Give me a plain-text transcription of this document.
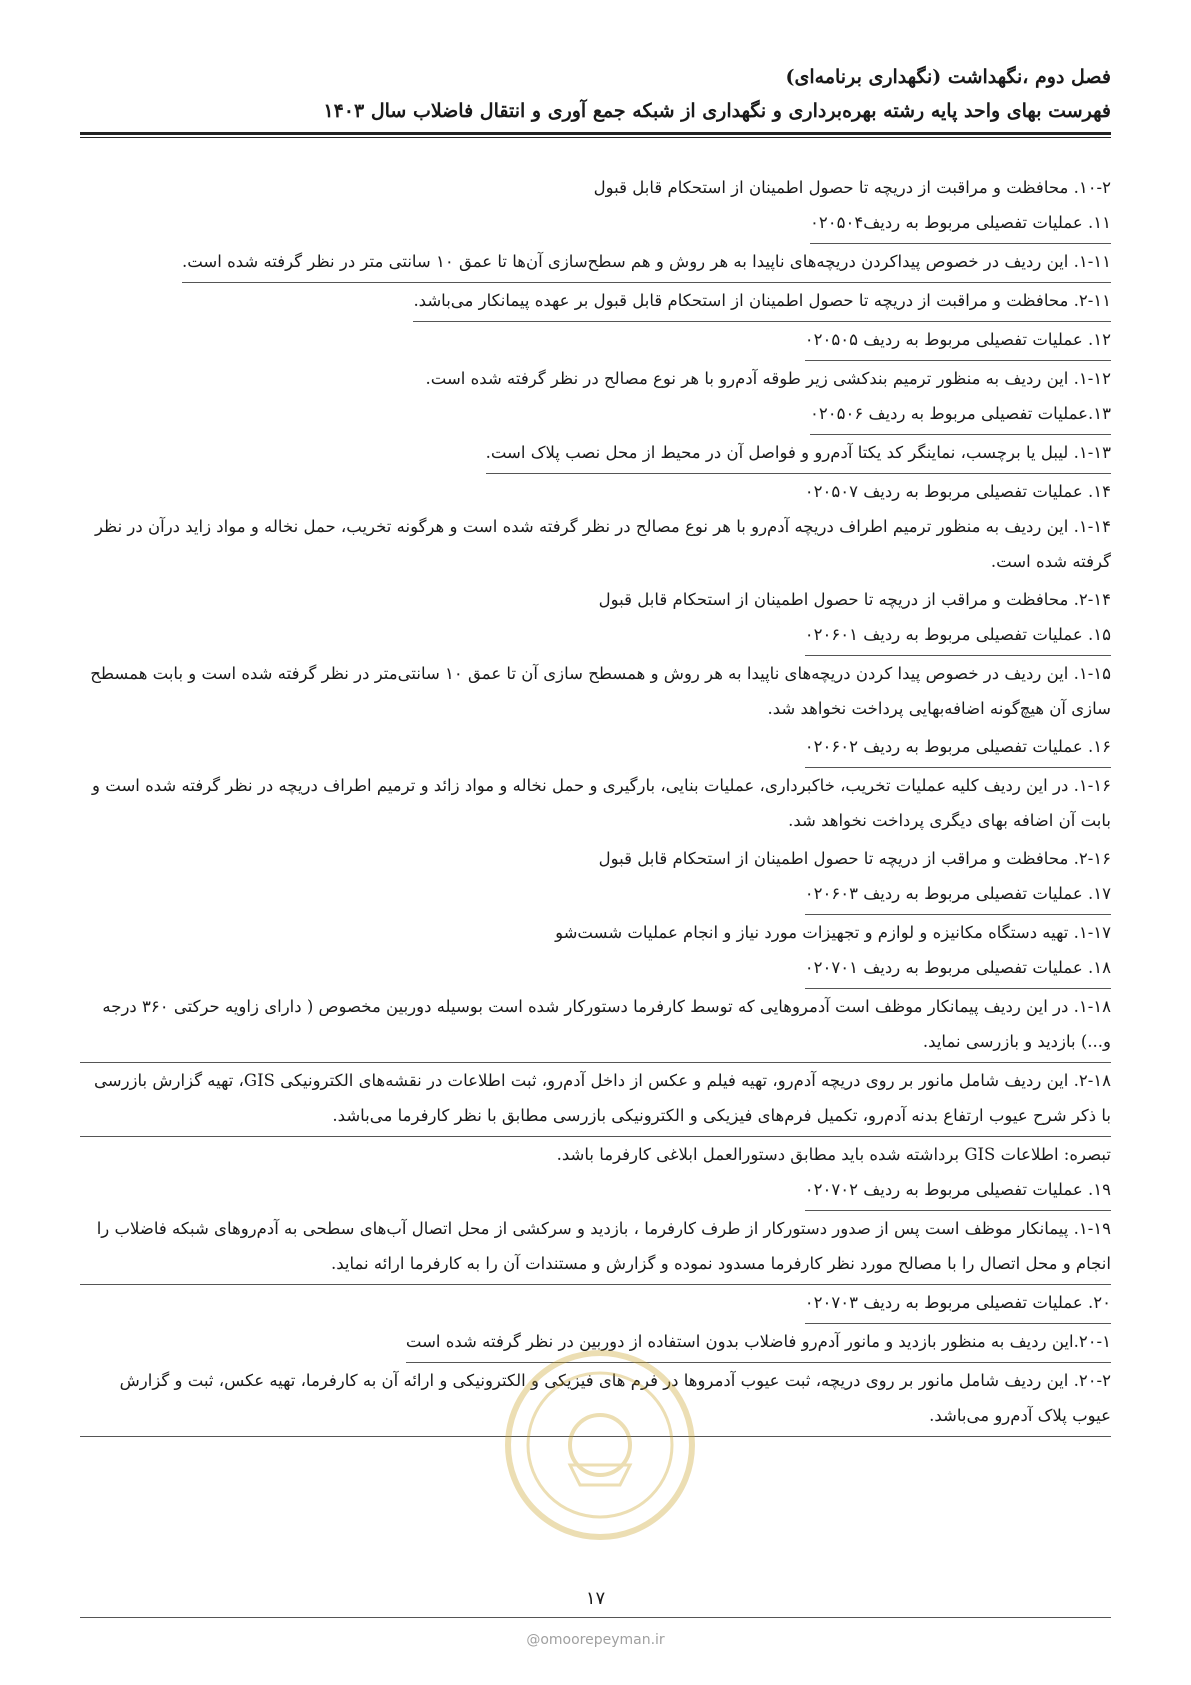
فصل دوم ،نگهداشت (نگهداری برنامه‌ای)
فهرست بهای واحد پایه رشته بهره‌برداری و نگهداری از شبکه جمع آوری و انتقال فاضلاب سال ۱۴۰۳
۱۰-۲. محافظت و مراقبت از دریچه تا حصول اطمینان از استحکام قابل قبول
۱۱. عملیات تفصیلی مربوط به ردیف۰۲۰۵۰۴
۱-۱۱. این ردیف در خصوص پیداکردن دریچه‌های ناپیدا به هر روش و هم سطح‌سازی آن‌ها تا عمق ۱۰ سانتی متر در نظر گرفته شده است.
۲-۱۱. محافظت و مراقبت از دریچه تا حصول اطمینان از استحکام قابل قبول بر عهده پیمانکار می‌باشد.
۱۲. عملیات تفصیلی مربوط به ردیف ۰۲۰۵۰۵
۱-۱۲. این ردیف به منظور ترمیم بندکشی زیر طوقه آدم‌رو با هر نوع مصالح در نظر گرفته شده است.
۱۳.عملیات تفصیلی مربوط به ردیف ۰۲۰۵۰۶
۱-۱۳. لیبل یا برچسب، نماینگر کد یکتا آدم‌رو و فواصل آن در محیط از محل نصب پلاک است.
۱۴. عملیات تفصیلی مربوط به ردیف ۰۲۰۵۰۷
۱-۱۴. این ردیف به منظور ترمیم اطراف دریچه آدم‌رو با هر نوع مصالح در نظر گرفته شده است و هرگونه تخریب، حمل نخاله و مواد زاید درآن در نظر گرفته شده است.
۲-۱۴. محافظت و مراقب از دریچه تا حصول اطمینان از استحکام قابل قبول
۱۵. عملیات تفصیلی مربوط به ردیف ۰۲۰۶۰۱
۱-۱۵. این ردیف در خصوص پیدا کردن دریچه‌های ناپیدا به هر روش و همسطح سازی آن تا عمق ۱۰ سانتی‌متر در نظر گرفته شده است و بابت همسطح سازی آن هیچ‌گونه اضافه‌بهایی پرداخت نخواهد شد.
۱۶. عملیات تفصیلی مربوط به ردیف ۰۲۰۶۰۲
۱-۱۶. در این ردیف کلیه عملیات تخریب، خاکبرداری، عملیات بنایی، بارگیری و حمل نخاله و مواد زائد و ترمیم اطراف دریچه در نظر گرفته شده است و بابت آن اضافه بهای دیگری پرداخت نخواهد شد.
۲-۱۶. محافظت و مراقب از دریچه تا حصول اطمینان از استحکام قابل قبول
۱۷. عملیات تفصیلی مربوط به ردیف ۰۲۰۶۰۳
۱-۱۷. تهیه دستگاه مکانیزه و لوازم و تجهیزات مورد نیاز و انجام عملیات شست‌شو
۱۸. عملیات تفصیلی مربوط به ردیف ۰۲۰۷۰۱
۱-۱۸. در این ردیف پیمانکار موظف است آدمروهایی که توسط کارفرما دستورکار شده است بوسیله دوربین مخصوص ( دارای زاویه حرکتی ۳۶۰ درجه و...) بازدید و بازرسی نماید.
۲-۱۸. این ردیف شامل مانور بر روی دریچه آدم‌رو، تهیه فیلم و عکس از داخل آدم‌رو، ثبت اطلاعات در نقشه‌های الکترونیکی GIS، تهیه گزارش بازرسی با ذکر شرح عیوب ارتفاع بدنه آدم‌رو، تکمیل فرم‌های فیزیکی و الکترونیکی بازرسی مطابق با نظر کارفرما می‌باشد.
تبصره: اطلاعات GIS برداشته شده باید مطابق دستورالعمل ابلاغی کارفرما باشد.
۱۹. عملیات تفصیلی مربوط به ردیف ۰۲۰۷۰۲
۱-۱۹. پیمانکار موظف است پس از صدور دستورکار از طرف کارفرما ، بازدید و سرکشی از محل اتصال آب‌های سطحی به آدم‌روهای شبکه فاضلاب را انجام و محل اتصال را با مصالح مورد نظر کارفرما مسدود نموده و گزارش و مستندات آن را به کارفرما ارائه نماید.
۲۰. عملیات تفصیلی مربوط به ردیف ۰۲۰۷۰۳
۲۰-۱.این ردیف به منظور بازدید و مانور آدم‌رو فاضلاب بدون استفاده از دوربین در نظر گرفته شده است
۲۰-۲. این ردیف شامل مانور بر روی دریچه، ثبت عیوب آدمروها در فرم های فیزیکی و الکترونیکی و ارائه آن به کارفرما، تهیه عکس، ثبت و گزارش عیوب پلاک آدم‌رو می‌باشد.
۱۷
@omoorepeyman.ir
